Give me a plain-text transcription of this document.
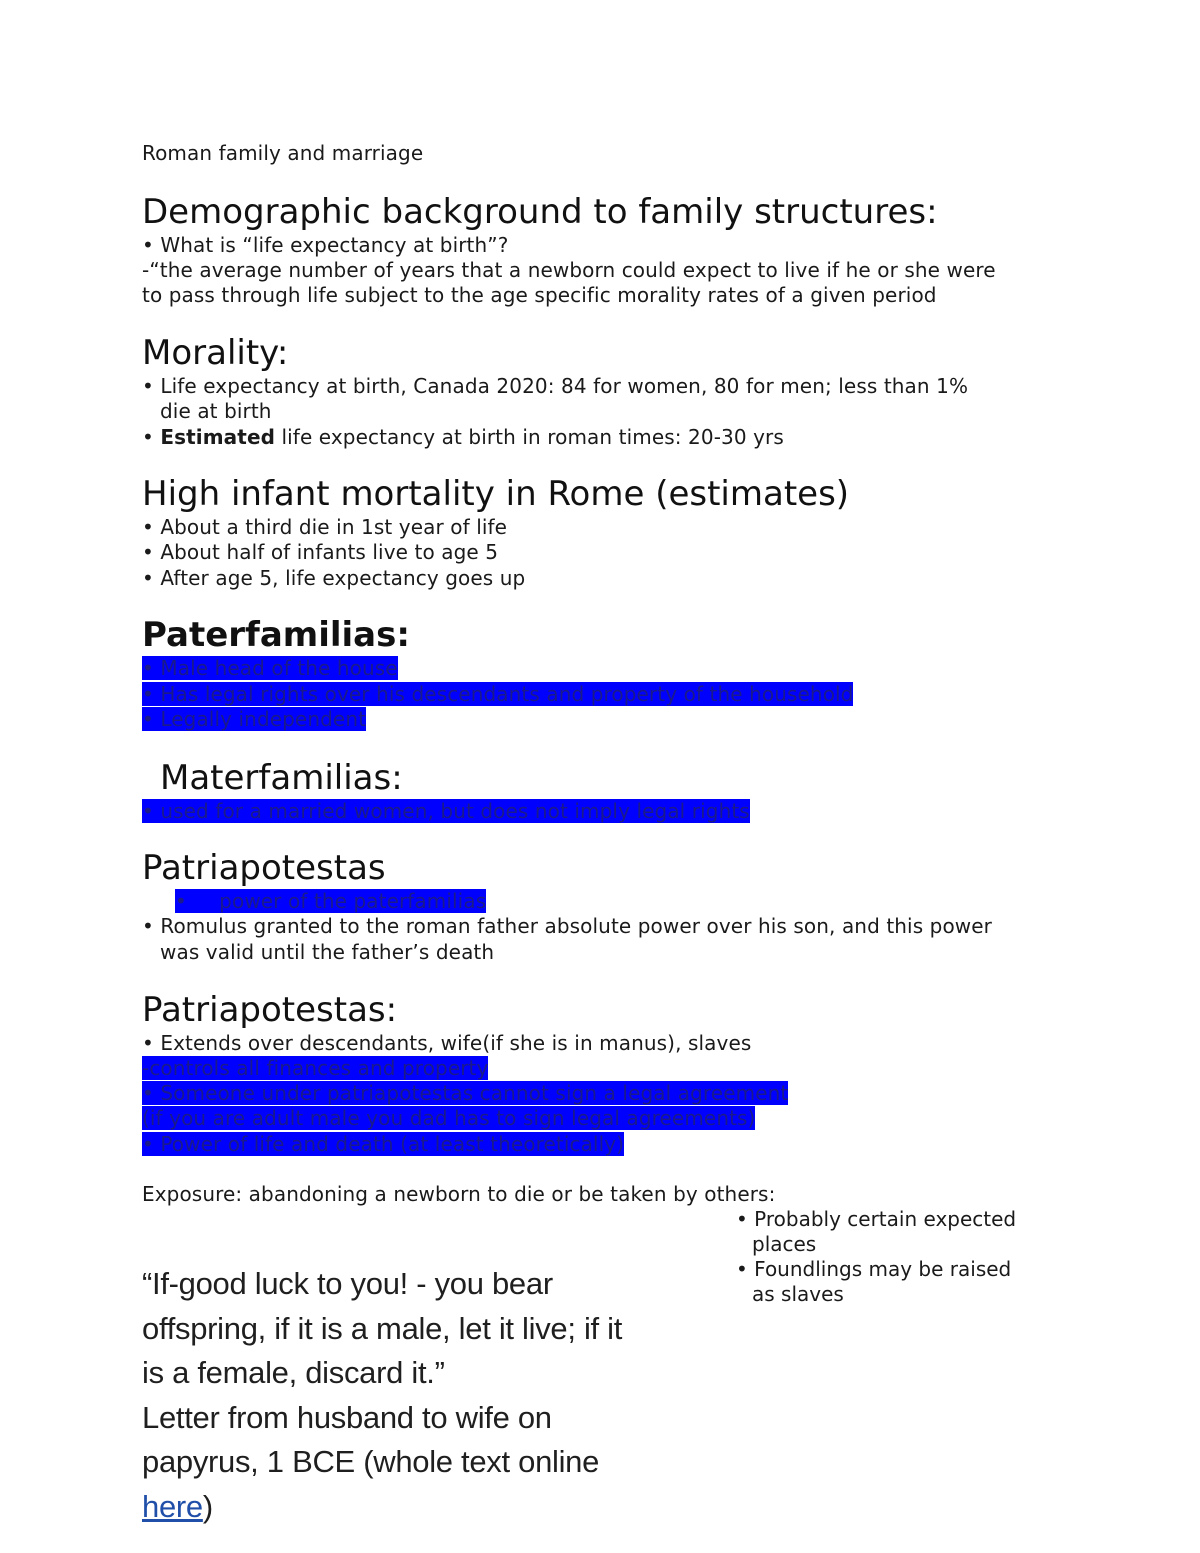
Roman family and marriage
Demographic background to family structures:
• What is “life expectancy at birth”?
-“the average number of years that a newborn could expect to live if he or she were
to pass through life subject to the age specific morality rates of a given period
Morality:
• Life expectancy at birth, Canada 2020: 84 for women, 80 for men; less than 1%
die at birth
• Estimated life expectancy at birth in roman times: 20-30 yrs
High infant mortality in Rome (estimates)
• About a third die in 1st year of life
• About half of infants live to age 5
• After age 5, life expectancy goes up
Paterfamilias:
• Male head of the house
• Has legal rights over his descendants and property of the household
• Legally independent
Materfamilias:
• used for a married women, but does not imply legal rights
Patriapotestas
•     power of the paterfamilias
• Romulus granted to the roman father absolute power over his son, and this power
was valid until the father’s death
Patriapotestas:
• Extends over descendants, wife(if she is in manus), slaves
-controls all finances and property
• Someone under patriapotestas cannot sign a legal agreement
(if you are adult male you dad has to sign legal agreements)
• Power of life and death (at least theoretically)
Exposure: abandoning a newborn to die or be taken by others:
• Probably certain expected
places
• Foundlings may be raised
as slaves
“If-good luck to you! - you bear
offspring, if it is a male, let it live; if it
is a female, discard it.”
Letter from husband to wife on
papyrus, 1 BCE (whole text online
here)
